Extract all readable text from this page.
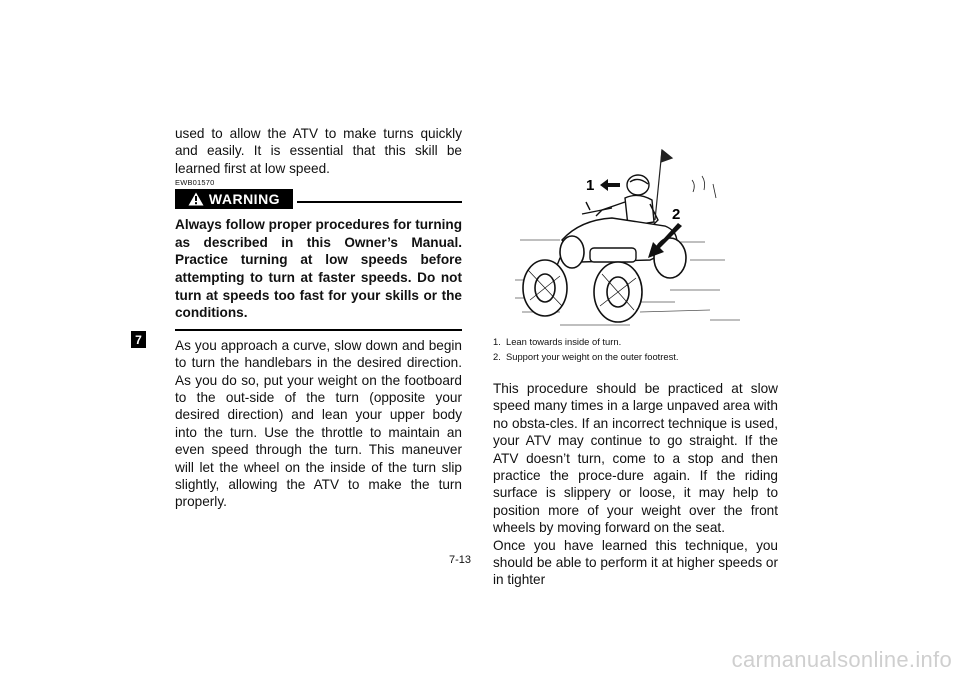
7

used to allow the ATV to make turns quickly and easily. It is essential that this skill be learned first at low speed.

EWB01570

WARNING

Always follow proper procedures for turning as described in this Owner’s Manual. Practice turning at low speeds before attempting to turn at faster speeds. Do not turn at speeds too fast for your skills or the conditions.

As you approach a curve, slow down and begin to turn the handlebars in the desired direction. As you do so, put your weight on the footboard to the out-side of the turn (opposite your desired direction) and lean your upper body into the turn. Use the throttle to maintain an even speed through the turn. This maneuver will let the wheel on the inside of the turn slip slightly, allowing the ATV to make the turn properly.

1
2
1. Lean towards inside of turn.
2. Support your weight on the outer footrest.

This procedure should be practiced at slow speed many times in a large unpaved area with no obsta-cles. If an incorrect technique is used, your ATV may continue to go straight. If the ATV doesn’t turn, come to a stop and then practice the proce-dure again. If the riding surface is slippery or loose, it may help to position more of your weight over the front wheels by moving forward on the seat.

Once you have learned this technique, you should be able to perform it at higher speeds or in tighter

7-13
carmanualsonline.info
